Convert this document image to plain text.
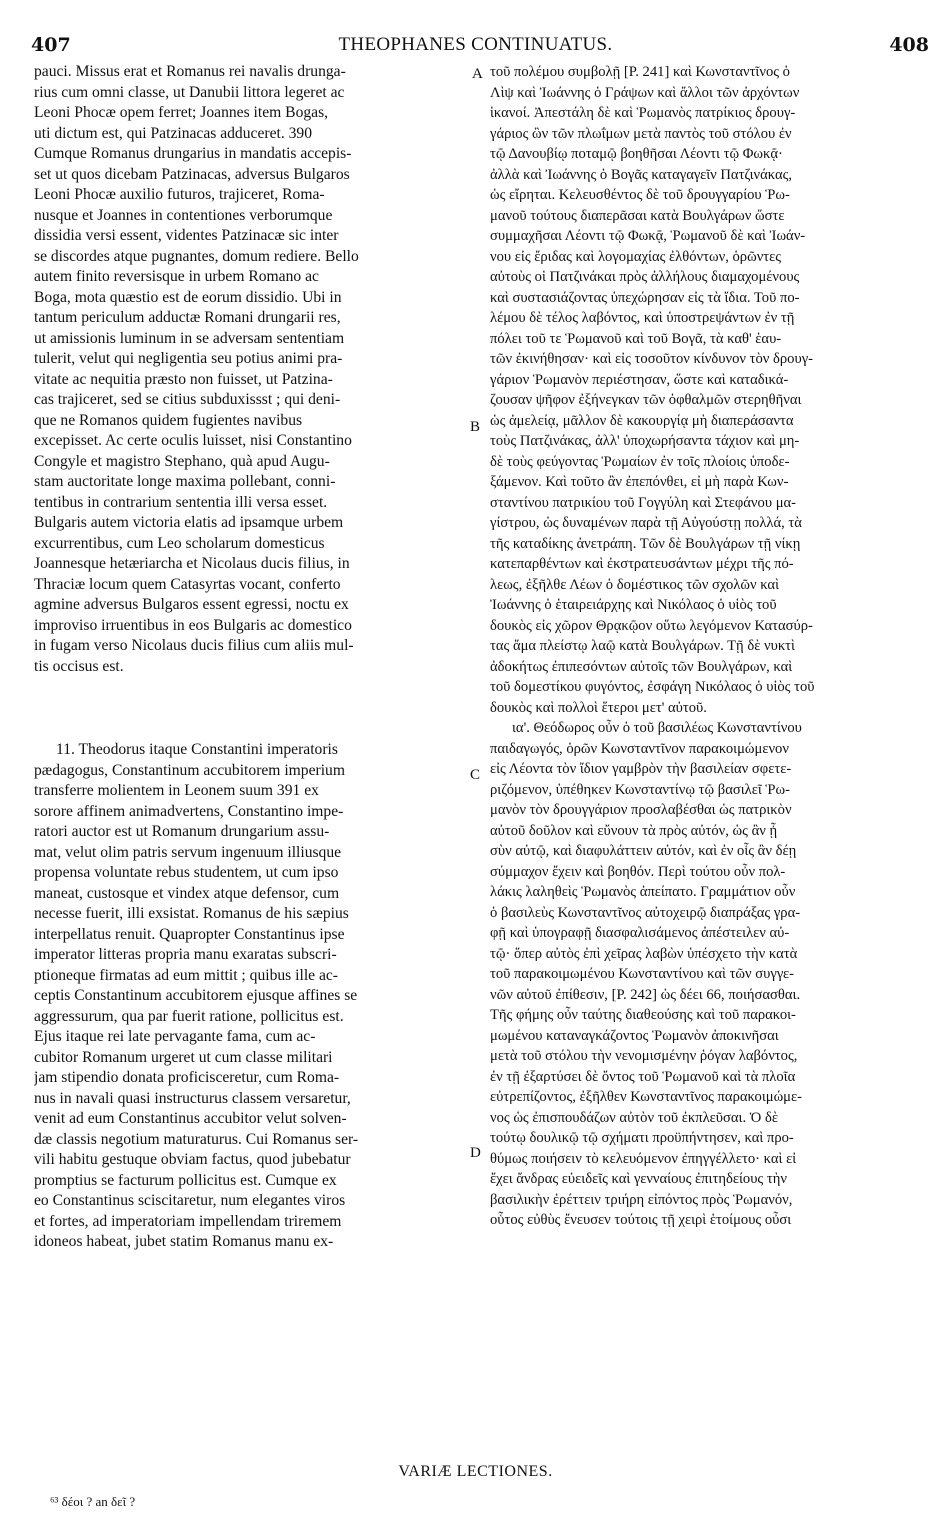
407	THEOPHANES CONTINUATUS.	408
pauci. Missus erat et Romanus rei navalis drunga-
rius cum omni classe, ut Danubii littora legeret ac
Leoni Phocæ opem ferret; Joannes item Bogas,
uti dictum est, qui Patzinacas adduceret. 390
Cumque Romanus drungarius in mandatis accepis-
set ut quos dicebam Patzinacas, adversus Bulgaros
Leoni Phocæ auxilio futuros, trajiceret, Roma-
nusque et Joannes in contentiones verborumque
dissidia versi essent, videntes Patzinacæ sic inter
se discordes atque pugnantes, domum rediere. Bello
autem finito reversisque in urbem Romano ac
Boga, mota quæstio est de eorum dissidio. Ubi in
tantum periculum adductæ Romani drungarii res,
ut amissionis luminum in se adversam sententiam
tulerit, velut qui negligentia seu potius animi pra-
vitate ac nequitia præsto non fuisset, ut Patzina-
cas trajiceret, sed se citius subduxissst ; qui deni-
que ne Romanos quidem fugientes navibus
excepisset. Ac certe oculis luisset, nisi Constantino
Congyle et magistro Stephano, quà apud Augu-
stam auctoritate longe maxima pollebant, conni-
tentibus in contrarium sententia illi versa esset.
Bulgaris autem victoria elatis ad ipsamque urbem
excurrentibus, cum Leo scholarum domesticus
Joannesque hetæriarcha et Nicolaus ducis filius, in
Thraciæ locum quem Catasyrtas vocant, conferto
agmine adversus Bulgaros essent egressi, noctu ex
improviso irruentibus in eos Bulgaris ac domestico
in fugam verso Nicolaus ducis filius cum aliis mul-
tis occisus est.
11. Theodorus itaque Constantini imperatoris
pædagogus, Constantinum accubitorem imperium
transferre molientem in Leonem suum 391 ex
sorore affinem animadvertens, Constantino impe-
ratori auctor est ut Romanum drungarium assu-
mat, velut olim patris servum ingenuum illiusque
propensa voluntate rebus studentem, ut cum ipso
maneat, custosque et vindex atque defensor, cum
necesse fuerit, illi exsistat. Romanus de his sæpius
interpellatus renuit. Quapropter Constantinus ipse
imperator litteras propria manu exaratas subscri-
ptioneque firmatas ad eum mittit ; quibus ille ac-
ceptis Constantinum accubitorem ejusque affines se
aggressurum, qua par fuerit ratione, pollicitus est.
Ejus itaque rei late pervagante fama, cum ac-
cubitor Romanum urgeret ut cum classe militari
jam stipendio donata proficisceretur, cum Roma-
nus in navali quasi instructurus classem versaretur,
venit ad eum Constantinus accubitor velut solven-
dæ classis negotium maturaturus. Cui Romanus ser-
vili habitu gestuque obviam factus, quod jubebatur
promptius se facturum pollicitus est. Cumque ex
eo Constantinus sciscitaretur, num elegantes viros
et fortes, ad imperatoriam impellendam triremem
idoneos habeat, jubet statim Romanus manu ex-
τοῦ πολέμου συμβολῇ [P. 241] καὶ Κωνσταντῖνος ὁ
Λὶψ καὶ Ἰωάννης ὁ Γράψων καὶ ἄλλοι τῶν ἀρχόντων
ἱκανοί. Ἀπεστάλη δὲ καὶ Ῥωμανὸς πατρίκιος δρουγ-
γάριος ὢν τῶν πλωΐμων μετὰ παντὸς τοῦ στόλου ἐν
τῷ Δανουβίῳ ποταμῷ βοηθῆσαι Λέοντι τῷ Φωκᾷ·
ἀλλὰ καὶ Ἰωάννης ὁ Βογᾶς καταγαγεῖν Πατζινάκας,
ὡς εἴρηται. Κελευσθέντος δὲ τοῦ δρουγγαρίου Ῥω-
μανοῦ τούτους διαπερᾶσαι κατὰ Βουλγάρων ὥστε
συμμαχῆσαι Λέοντι τῷ Φωκᾷ, Ῥωμανοῦ δὲ καὶ Ἰωάν-
νου εἰς ἔριδας καὶ λογομαχίας ἐλθόντων, ὁρῶντες
αὐτοὺς οἱ Πατζινάκαι πρὸς ἀλλήλους διαμαχομένους
καὶ συστασιάζοντας ὑπεχώρησαν εἰς τὰ ἴδια. Τοῦ πο-
λέμου δὲ τέλος λαβόντος, καὶ ὑποστρεψάντων ἐν τῇ
πόλει τοῦ τε Ῥωμανοῦ καὶ τοῦ Βογᾶ, τὰ καθ' ἑαυ-
τῶν ἐκινήθησαν· καὶ εἰς τοσοῦτον κίνδυνον τὸν δρουγ-
γάριον Ῥωμανὸν περιέστησαν, ὥστε καὶ καταδικά-
ζουσαν ψῆφον ἐξήνεγκαν τῶν ὀφθαλμῶν στερηθῆναι
ὡς ἀμελείᾳ, μᾶλλον δὲ κακουργίᾳ μὴ διαπεράσαντα
τοὺς Πατζινάκας, ἀλλ' ὑποχωρήσαντα τάχιον καὶ μη-
δὲ τοὺς φεύγοντας Ῥωμαίων ἐν τοῖς πλοίοις ὑποδε-
ξάμενον. Καὶ τοῦτο ἂν ἐπεπόνθει, εἰ μὴ παρὰ Κων-
σταντίνου πατρικίου τοῦ Γογγύλη καὶ Στεφάνου μα-
γίστρου, ὡς δυναμένων παρὰ τῇ Αὐγούστῃ πολλά, τὰ
τῆς καταδίκης ἀνετράπη. Τῶν δὲ Βουλγάρων τῇ νίκῃ
κατεπαρθέντων καὶ ἐκστρατευσάντων μέχρι τῆς πό-
λεως, ἐξῆλθε Λέων ὁ δομέστικος τῶν σχολῶν καὶ
Ἰωάννης ὁ ἑταιρειάρχης καὶ Νικόλαος ὁ υἱὸς τοῦ
δουκὸς εἰς χῶρον Θρᾳκῷον οὕτω λεγόμενον Κατασύρ-
τας ἅμα πλείστῳ λαῷ κατὰ Βουλγάρων. Τῇ δὲ νυκτὶ
ἀδοκήτως ἐπιπεσόντων αὐτοῖς τῶν Βουλγάρων, καὶ
τοῦ δομεστίκου φυγόντος, ἐσφάγη Νικόλαος ὁ υἱὸς τοῦ
δουκὸς καὶ πολλοὶ ἕτεροι μετ' αὐτοῦ.
ια'. Θεόδωρος οὖν ὁ τοῦ βασιλέως Κωνσταντίνου
παιδαγωγός, ὁρῶν Κωνσταντῖνον παρακοιμώμενον
εἰς Λέοντα τὸν ἴδιον γαμβρὸν τὴν βασιλείαν σφετε-
ριζόμενον, ὑπέθηκεν Κωνσταντίνῳ τῷ βασιλεῖ Ῥω-
μανὸν τὸν δρουγγάριον προσλαβέσθαι ὡς πατρικὸν
αὐτοῦ δοῦλον καὶ εὔνουν τὰ πρὸς αὐτόν, ὡς ἂν ᾖ
σὺν αὐτῷ, καὶ διαφυλάττειν αὐτόν, καὶ ἐν οἷς ἂν δέῃ
σύμμαχον ἔχειν καὶ βοηθόν. Περὶ τούτου οὖν πολ-
λάκις λαληθεὶς Ῥωμανὸς ἀπείπατο. Γραμμάτιον οὖν
ὁ βασιλεὺς Κωνσταντῖνος αὐτοχειρῷ διαπράξας γρα-
φῇ καὶ ὑπογραφῇ διασφαλισάμενος ἀπέστειλεν αὐ-
τῷ· ὅπερ αὐτὸς ἐπὶ χεῖρας λαβὼν ὑπέσχετο τὴν κατὰ
τοῦ παρακοιμωμένου Κωνσταντίνου καὶ τῶν συγγε-
νῶν αὐτοῦ ἐπίθεσιν, [P. 242] ὡς δέει 66, ποιήσασθαι.
Τῆς φήμης οὖν ταύτης διαθεούσης καὶ τοῦ παρακοι-
μωμένου καταναγκάζοντος Ῥωμανὸν ἀποκινῆσαι
μετὰ τοῦ στόλου τὴν νενομισμένην ῥόγαν λαβόντος,
ἐν τῇ ἐξαρτύσει δὲ ὄντος τοῦ Ῥωμανοῦ καὶ τὰ πλοῖα
εὐτρεπίζοντος, ἐξῆλθεν Κωνσταντῖνος παρακοιμώμε-
νος ὡς ἐπισπουδάζων αὐτὸν τοῦ ἐκπλεῦσαι. Ὁ δὲ
τούτῳ δουλικῷ τῷ σχήματι προϋπήντησεν, καὶ προ-
θύμως ποιήσειν τὸ κελευόμενον ἐπηγγέλλετο· καὶ εἰ
ἔχει ἄνδρας εὐειδεῖς καὶ γενναίους ἐπιτηδείους τὴν
βασιλικὴν ἐρέττειν τριήρη εἰπόντος πρὸς Ῥωμανόν,
οὗτος εὐθὺς ἔνευσεν τούτοις τῇ χειρὶ ἑτοίμους οὖσι
A
B
C
D
VARIÆ LECTIONES.
⁶³ δέοι ? an δεῖ ?
